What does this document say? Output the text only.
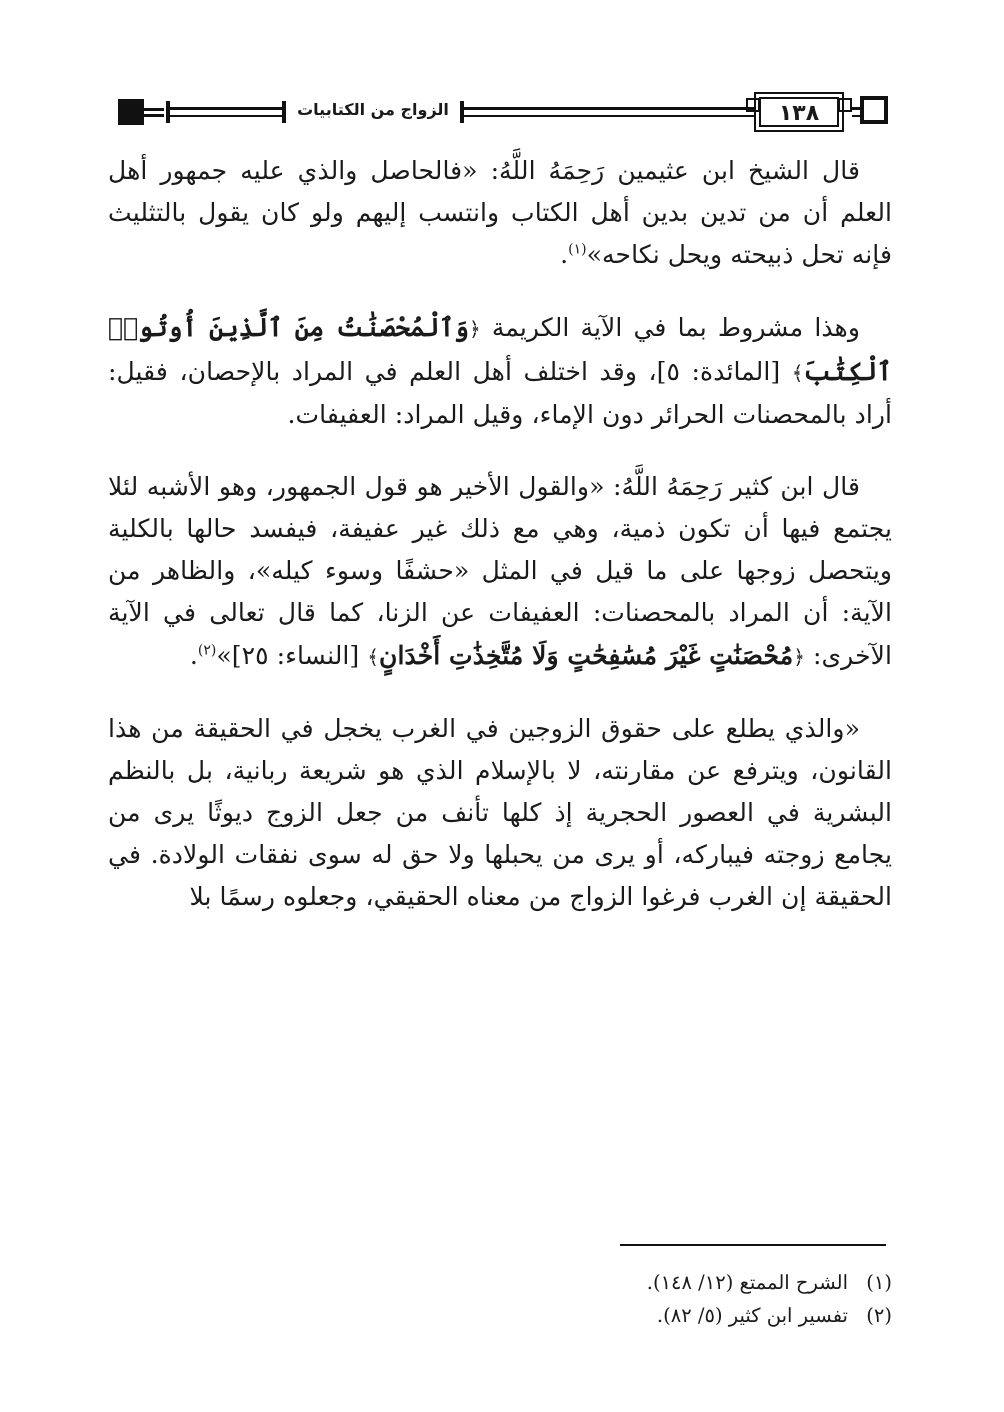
الزواج من الكتابيات	١٣٨

قال الشيخ ابن عثيمين رَحِمَهُ اللَّهُ: «فالحاصل والذي عليه جمهور أهل العلم أن من تدين بدين أهل الكتاب وانتسب إليهم ولو كان يقول بالتثليث فإنه تحل ذبيحته ويحل نكاحه»$^{(١)}$.

وهذا مشروط بما في الآية الكريمة ﴿وَٱلْمُحْصَنَٰتُ مِنَ ٱلَّذِينَ أُوتُوا۟ ٱلْكِتَٰبَ﴾ [المائدة: ٥]، وقد اختلف أهل العلم في المراد بالإحصان، فقيل: أراد بالمحصنات الحرائر دون الإماء، وقيل المراد: العفيفات.

قال ابن كثير رَحِمَهُ اللَّهُ: «والقول الأخير هو قول الجمهور، وهو الأشبه لئلا يجتمع فيها أن تكون ذمية، وهي مع ذلك غير عفيفة، فيفسد حالها بالكلية ويتحصل زوجها على ما قيل في المثل «حشفًا وسوء كيله»، والظاهر من الآية: أن المراد بالمحصنات: العفيفات عن الزنا، كما قال تعالى في الآية الآخرى: ﴿مُحْصَنَٰتٍ غَيْرَ مُسَٰفِحَٰتٍ وَلَا مُتَّخِذَٰتِ أَخْدَانٍ﴾ [النساء: ٢٥]»$^{(٢)}$.

«والذي يطلع على حقوق الزوجين في الغرب يخجل في الحقيقة من هذا القانون، ويترفع عن مقارنته، لا بالإسلام الذي هو شريعة ربانية، بل بالنظم البشرية في العصور الحجرية إذ كلها تأنف من جعل الزوج ديوثًا يرى من يجامع زوجته فيباركه، أو يرى من يحبلها ولا حق له سوى نفقات الولادة. في الحقيقة إن الغرب فرغوا الزواج من معناه الحقيقي، وجعلوه رسمًا بلا

(١)الشرح الممتع (١٢/ ١٤٨).

(٢)تفسير ابن كثير (٥/ ٨٢).
